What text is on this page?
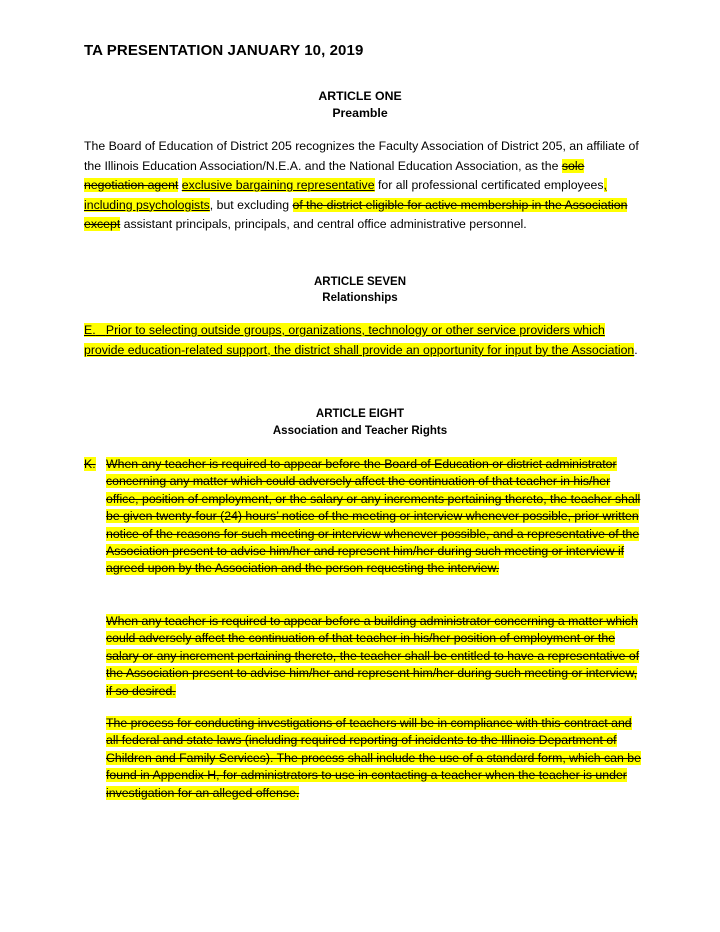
TA PRESENTATION JANUARY 10, 2019
ARTICLE ONE
Preamble
The Board of Education of District 205 recognizes the Faculty Association of District 205, an affiliate of the Illinois Education Association/N.E.A. and the National Education Association, as the sole negotiation agent exclusive bargaining representative for all professional certificated employees, including psychologists, but excluding of the district eligible for active membership in the Association except assistant principals, principals, and central office administrative personnel.
ARTICLE SEVEN
Relationships
E. Prior to selecting outside groups, organizations, technology or other service providers which provide education-related support, the district shall provide an opportunity for input by the Association.
ARTICLE EIGHT
Association and Teacher Rights
K. When any teacher is required to appear before the Board of Education or district administrator concerning any matter which could adversely affect the continuation of that teacher in his/her office, position of employment, or the salary or any increments pertaining thereto, the teacher shall be given twenty-four (24) hours’ notice of the meeting or interview whenever possible, prior written notice of the reasons for such meeting or interview whenever possible, and a representative of the Association present to advise him/her and represent him/her during such meeting or interview if agreed upon by the Association and the person requesting the interview.
When any teacher is required to appear before a building administrator concerning a matter which could adversely affect the continuation of that teacher in his/her position of employment or the salary or any increment pertaining thereto, the teacher shall be entitled to have a representative of the Association present to advise him/her and represent him/her during such meeting or interview, if so desired.
The process for conducting investigations of teachers will be in compliance with this contract and all federal and state laws (including required reporting of incidents to the Illinois Department of Children and Family Services). The process shall include the use of a standard form, which can be found in Appendix H, for administrators to use in contacting a teacher when the teacher is under investigation for an alleged offense.
